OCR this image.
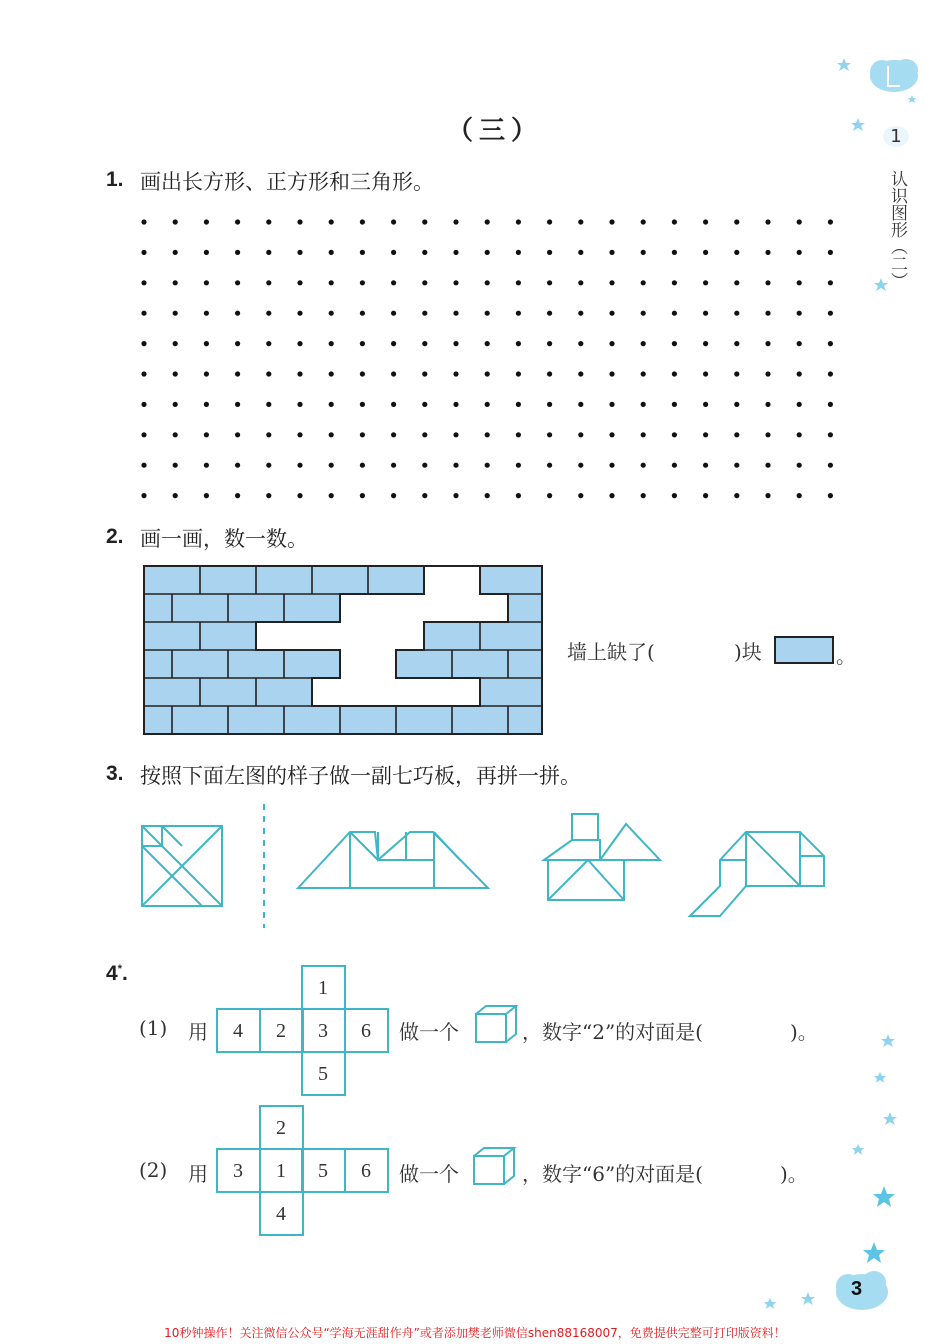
1
认识图形（二）
（三）
1. 画出长方形、正方形和三角形。
2. 画一画，数一数。
墙上缺了(	)块	。
3. 按照下面左图的样子做一副七巧板，再拼一拼。
4*.
(1) 用
1
4 2 3 6
5
做一个	，数字“2”的对面是(	)。
(2) 用
2
3 1 5 6
4
做一个	，数字“6”的对面是(	)。
3
10秒钟操作！关注微信公众号“学海无涯甜作舟”或者添加樊老师微信shen88168007，免费提供完整可打印版资料！
